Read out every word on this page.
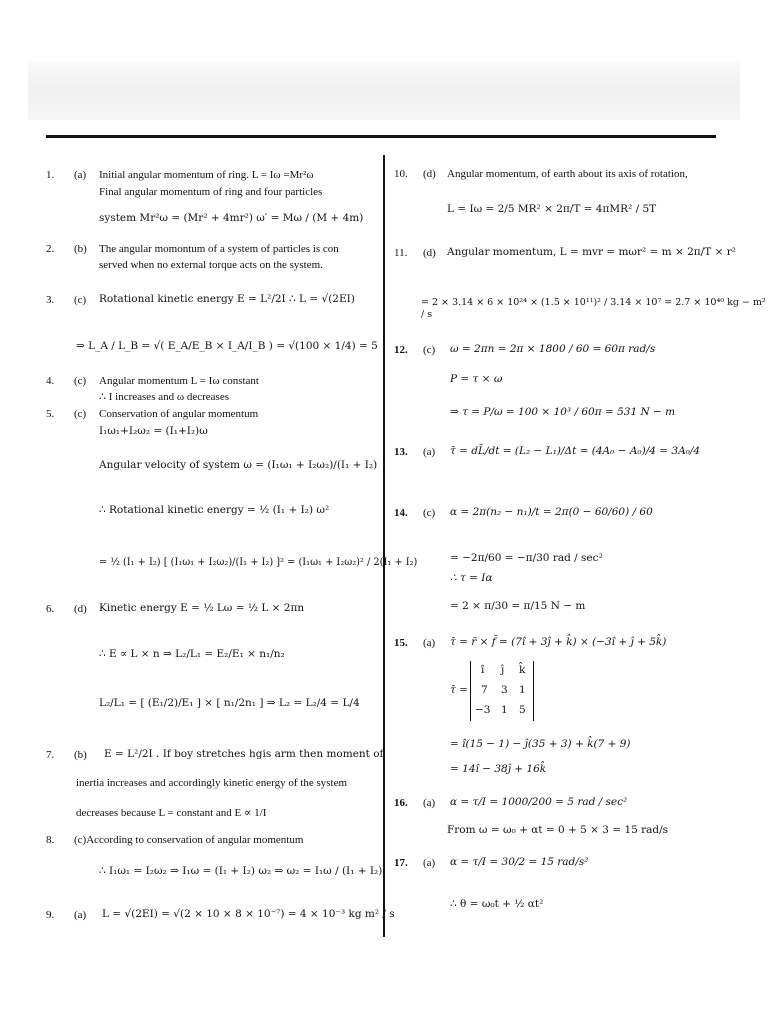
1. (a) Initial angular momentum of ring. L = Iω =Mr²ω
Final angular momentum of ring and four particles
system Mr²ω = (Mr² + 4mr²) ω′ = Mω / (M + 4m)
2. (b) The angular momontum of a system of particles is con
served when no external torque acts on the system.
3. (c) Rotational kinetic energy E = L²/2I ∴ L = √(2EI)
⇒ L_A / L_B = √( E_A/E_B × I_A/I_B ) = √(100 × 1/4) = 5
4. (c) Angular momentum L = Iω constant
∴ I increases and ω decreases
5. (c) Conservation of angular momentum
I₁ω₁+I₂ω₂ = (I₁+I₂)ω
Angular velocity of system ω = (I₁ω₁ + I₂ω₂)/(I₁ + I₂)
∴ Rotational kinetic energy = ½ (I₁ + I₂) ω²
= ½ (I₁ + I₂) [ (I₁ω₁ + I₂ω₂)/(I₁ + I₂) ]² = (I₁ω₁ + I₂ω₂)² / 2(I₁ + I₂)
6. (d) Kinetic energy E = ½ Lω = ½ L × 2πn
∴ E ∝ L × n ⇒ L₂/L₁ = E₂/E₁ × n₁/n₂
L₂/L₁ = [ (E₁/2)/E₁ ] × [ n₁/2n₁ ] ⇒ L₂ = L₂/4 = L/4
7. (b) E = L²/2I . If boy stretches hgis arm then moment of
inertia increases and accordingly kinetic energy of the system
decreases because L = constant and E ∝ 1/I
8. (c)According to conservation of angular momentum
∴ I₁ω₁ = I₂ω₂ ⇒ I₁ω = (I₁ + I₂) ω₂ ⇒ ω₂ = I₁ω / (I₁ + I₂)
9. (a) L = √(2EI) = √(2 × 10 × 8 × 10⁻⁷) = 4 × 10⁻³ kg m² / s
10. (d) Angular momentum, of earth about its axis of rotation,
L = Iω = 2/5 MR² × 2π/T = 4πMR² / 5T
11. (d) Angular momentum, L = mvr = mωr² = m × 2π/T × r²
= 2 × 3.14 × 6 × 10²⁴ × (1.5 × 10¹¹)² / 3.14 × 10⁷ = 2.7 × 10⁴⁰ kg − m² / s
12. (c) ω = 2πn = 2π × 1800 / 60 = 60π rad/s
P = τ × ω
⇒ τ = P/ω = 100 × 10³ / 60π = 531 N − m
13. (a) τ̄ = dL̄/dt = (L₂ − L₁)/Δt = (4A₀ − A₀)/4 = 3A₀/4
14. (c) α = 2π(n₂ − n₁)/t = 2π(0 − 60/60) / 60
= −2π/60 = −π/30 rad / sec²
∴ τ = Iα
= 2 × π/30 = π/15 N − m
15. (a) τ̄ = r̄ × f̄ = (7î + 3ĵ + k̂) × (−3î + ĵ + 5k̂)
τ̄ =
î ĵ k̂
7 3 1
−3 1 5
= î(15 − 1) − ĵ(35 + 3) + k̂(7 + 9)
= 14î − 38ĵ + 16k̂
16. (a) α = τ/I = 1000/200 = 5 rad / sec²
From ω = ω₀ + αt = 0 + 5 × 3 = 15 rad/s
17. (a) α = τ/I = 30/2 = 15 rad/s²
∴ θ = ω₀t + ½ αt²
